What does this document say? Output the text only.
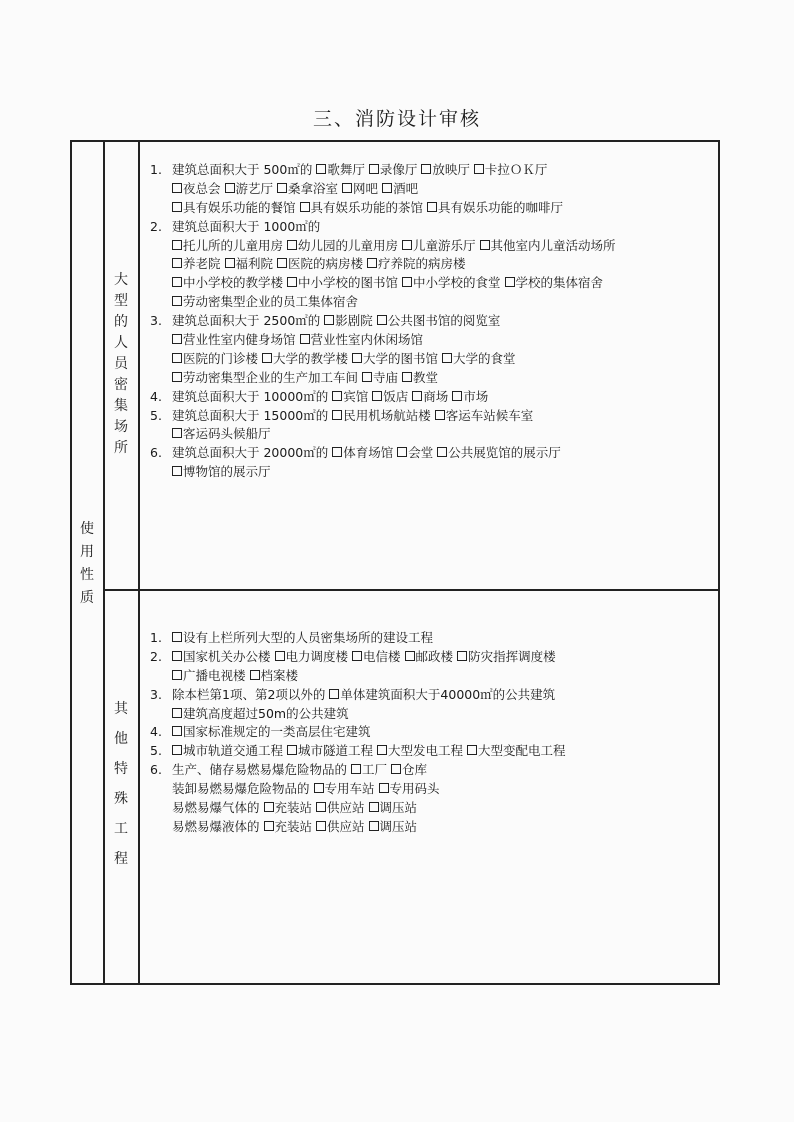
三、消防设计审核
使
用
性
质
大
型
的
人
员
密
集
场
所
其
他
特
殊
工
程
1. 建筑总面积大于 500㎡的 歌舞厅 录像厅 放映厅 卡拉ＯＫ厅
夜总会 游艺厅 桑拿浴室 网吧 酒吧
具有娱乐功能的餐馆 具有娱乐功能的茶馆 具有娱乐功能的咖啡厅
2. 建筑总面积大于 1000㎡的
托儿所的儿童用房 幼儿园的儿童用房 儿童游乐厅 其他室内儿童活动场所
养老院 福利院 医院的病房楼 疗养院的病房楼
中小学校的教学楼 中小学校的图书馆 中小学校的食堂 学校的集体宿舍
劳动密集型企业的员工集体宿舍
3. 建筑总面积大于 2500㎡的 影剧院 公共图书馆的阅览室
营业性室内健身场馆 营业性室内休闲场馆
医院的门诊楼 大学的教学楼 大学的图书馆 大学的食堂
劳动密集型企业的生产加工车间 寺庙 教堂
4. 建筑总面积大于 10000㎡的 宾馆 饭店 商场 市场
5. 建筑总面积大于 15000㎡的 民用机场航站楼 客运车站候车室
客运码头候船厅
6. 建筑总面积大于 20000㎡的 体育场馆 会堂 公共展览馆的展示厅
博物馆的展示厅
1. 设有上栏所列大型的人员密集场所的建设工程
2. 国家机关办公楼 电力调度楼 电信楼 邮政楼 防灾指挥调度楼
广播电视楼 档案楼
3. 除本栏第1项、第2项以外的 单体建筑面积大于40000㎡的公共建筑
建筑高度超过50m的公共建筑
4. 国家标准规定的一类高层住宅建筑
5. 城市轨道交通工程 城市隧道工程 大型发电工程 大型变配电工程
6. 生产、储存易燃易爆危险物品的 工厂 仓库
装卸易燃易爆危险物品的 专用车站 专用码头
易燃易爆气体的 充装站 供应站 调压站
易燃易爆液体的 充装站 供应站 调压站
